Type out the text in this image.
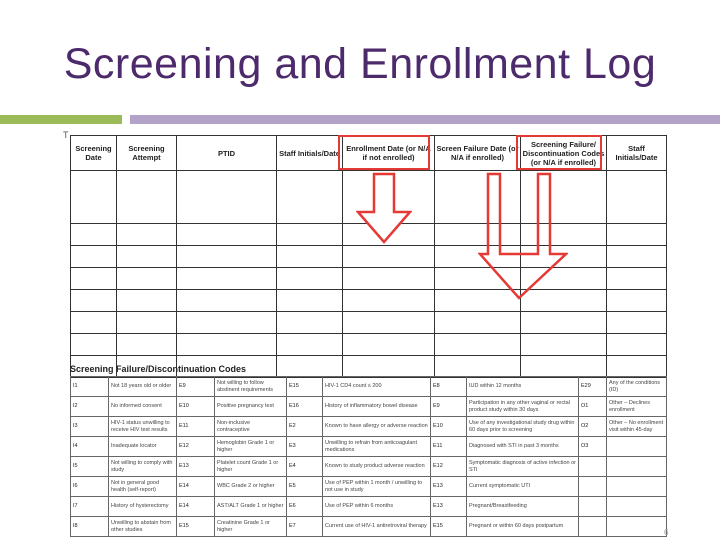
Screening and Enrollment Log
T
Screening Date	Screening Attempt	PTID	Staff Initials/Date	Enrollment Date (or N/A if not enrolled)	Screen Failure Date (or N/A if enrolled)	Screening Failure/ Discontinuation Codes (or N/A if enrolled)	Staff Initials/Date

Screening Failure/Discontinuation Codes
I1	Not 18 years old or older	E9	Not willing to follow abstinent requirements	E15	HIV-1 CD4 count ≤ 200	E8	IUD within 12 months	E29	Any of the conditions (ID)
I2	No informed consent	E10	Positive pregnancy test	E16	History of inflammatory bowel disease	E9	Participation in any other vaginal or rectal product study within 30 days	O1	Other – Declines enrollment
I3	HIV-1 status unwilling to receive HIV test results	E11	Non-inclusive contraceptive	E2	Known to have allergy or adverse reaction	E10	Use of any investigational study drug within 60 days prior to screening	O2	Other – No enrollment visit within 45-day
I4	Inadequate locator	E12	Hemoglobin Grade 1 or higher	E3	Unwilling to refrain from anticoagulant medications	E11	Diagnosed with STI in past 3 months	O3	
I5	Not willing to comply with study	E13	Platelet count Grade 1 or higher	E4	Known to study product adverse reaction	E12	Symptomatic diagnosis of active infection or STI		
I6	Not in general good health (self-report)	E14	WBC Grade 2 or higher	E5	Use of PEP within 1 month / unwilling to not use in study	E13	Current symptomatic UTI		
I7	History of hysterectomy	E14	AST/ALT Grade 1 or higher	E6	Use of PEP within 6 months	E13	Pregnant/Breastfeeding		
I8	Unwilling to abstain from other studies	E15	Creatinine Grade 1 or higher	E7	Current use of HIV-1 antiretroviral therapy	E15	Pregnant or within 60 days postpartum		
6
